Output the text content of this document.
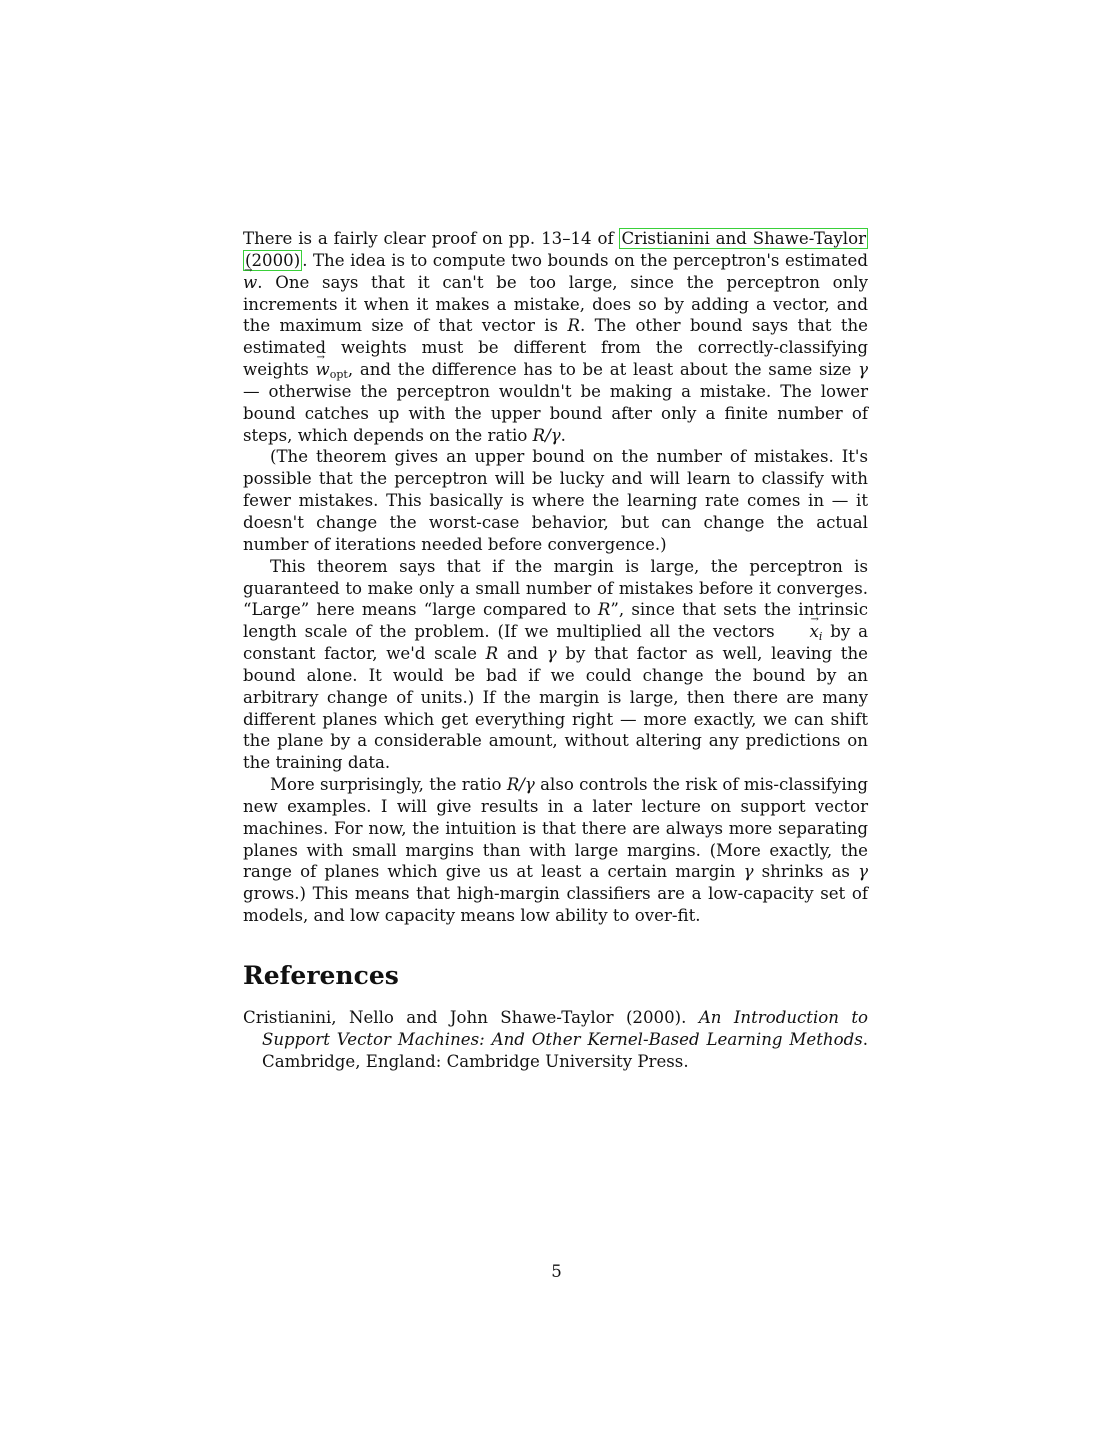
There is a fairly clear proof on pp. 13–14 of Cristianini and Shawe-Taylor (2000) . The idea is to compute two bounds on the perceptron's estimated → w. One says that it can't be too large, since the perceptron only increments it when it makes a mistake, does so by adding a vector, and the maximum size of that vector is R. The other bound says that the estimated weights must be different from the correctly-classifying weights → $w_{opt}$, and the difference has to be at least about the same size γ — otherwise the perceptron wouldn't be making a mistake. The lower bound catches up with the upper bound after only a finite number of steps, which depends on the ratio R/γ.

(The theorem gives an upper bound on the number of mistakes. It's possible that the perceptron will be lucky and will learn to classify with fewer mistakes. This basically is where the learning rate comes in — it doesn't change the worst-case behavior, but can change the actual number of iterations needed before convergence.)

This theorem says that if the margin is large, the perceptron is guaranteed to make only a small number of mistakes before it converges. “Large” here means “large compared to R”, since that sets the intrinsic length scale of the problem. (If we multiplied all the vectors → $x_i$ by a constant factor, we'd scale R and γ by that factor as well, leaving the bound alone. It would be bad if we could change the bound by an arbitrary change of units.) If the margin is large, then there are many different planes which get everything right — more exactly, we can shift the plane by a considerable amount, without altering any predictions on the training data.

More surprisingly, the ratio R/γ also controls the risk of mis-classifying new examples. I will give results in a later lecture on support vector machines. For now, the intuition is that there are always more separating planes with small margins than with large margins. (More exactly, the range of planes which give us at least a certain margin γ shrinks as γ grows.) This means that high-margin classifiers are a low-capacity set of models, and low capacity means low ability to over-fit.

References

Cristianini, Nello and John Shawe-Taylor (2000). An Introduction to Support Vector Machines: And Other Kernel-Based Learning Methods. Cambridge, England: Cambridge University Press.

5
